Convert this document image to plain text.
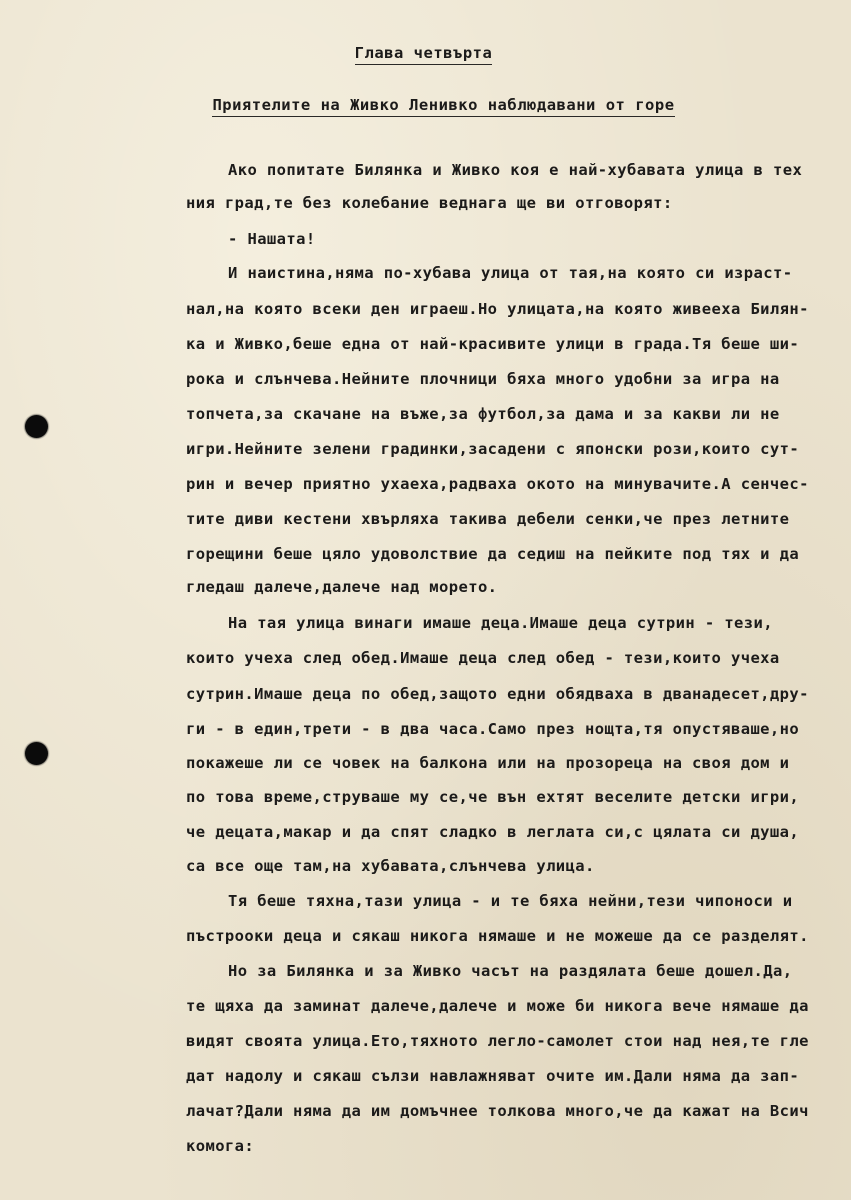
Глава четвърта
Приятелите на Живко Ленивко наблюдавани от горе
Ако попитате Билянка и Живко коя е най-хубавата улица в тех
ния град,те без колебание веднага ще ви отговорят:
- Нашата!
И наистина,няма по-хубава улица от тая,на която си израст-
нал,на която всеки ден играеш.Но улицата,на която живееха Билян-
ка и Живко,беше една от най-красивите улици в града.Тя беше ши-
рока и слънчева.Нейните плочници бяха много удобни за игра на
топчета,за скачане на въже,за футбол,за дама и за какви ли не
игри.Нейните зелени градинки,засадени с японски рози,които сут-
рин и вечер приятно ухаеха,радваха окото на минувачите.А сенчес-
тите диви кестени хвърляха такива дебели сенки,че през летните
горещини беше цяло удоволствие да седиш на пейките под тях и да
гледаш далече,далече над морето.
На тая улица винаги имаше деца.Имаше деца сутрин - тези,
които учеха след обед.Имаше деца след обед - тези,които учеха
сутрин.Имаше деца по обед,защото едни обядваха в дванадесет,дру-
ги - в един,трети - в два часа.Само през нощта,тя опустяваше,но
покажеше ли се човек на балкона или на прозореца на своя дом и
по това време,струваше му се,че вън ехтят веселите детски игри,
че децата,макар и да спят сладко в леглата си,с цялата си душа,
са все още там,на хубавата,слънчева улица.
Тя беше тяхна,тази улица - и те бяха нейни,тези чипоноси и
пъстрооки деца и сякаш никога нямаше и не можеше да се разделят.
Но за Билянка и за Живко часът на раздялата беше дошел.Да,
те щяха да заминат далече,далече и може би никога вече нямаше да
видят своята улица.Ето,тяхното легло-самолет стои над нея,те гле
дат надолу и сякаш сълзи навлажняват очите им.Дали няма да зап-
лачат?Дали няма да им домъчнее толкова много,че да кажат на Всич
комога:
